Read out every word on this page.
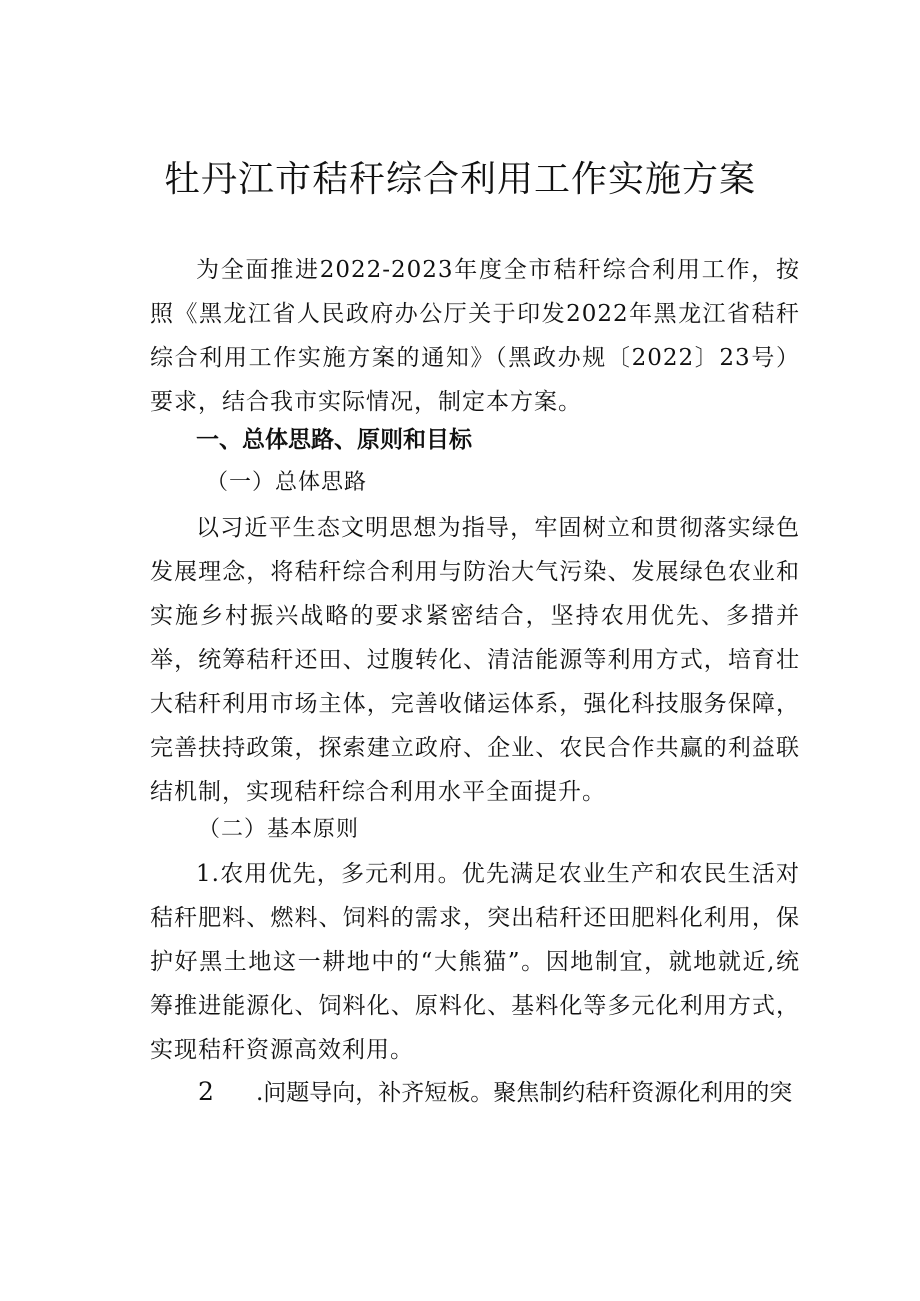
牡丹江市秸秆综合利用工作实施方案

为全面推进2022-2023年度全市秸秆综合利用工作，按照《黑龙江省人民政府办公厅关于印发2022年黑龙江省秸秆综合利用工作实施方案的通知》（黑政办规〔2022〕23号）要求，结合我市实际情况，制定本方案。

一、总体思路、原则和目标
（一）总体思路

以习近平生态文明思想为指导，牢固树立和贯彻落实绿色发展理念，将秸秆综合利用与防治大气污染、发展绿色农业和实施乡村振兴战略的要求紧密结合，坚持农用优先、多措并举，统筹秸秆还田、过腹转化、清洁能源等利用方式，培育壮大秸秆利用市场主体，完善收储运体系，强化科技服务保障，完善扶持政策，探索建立政府、企业、农民合作共赢的利益联结机制，实现秸秆综合利用水平全面提升。

（二）基本原则

1.农用优先，多元利用。优先满足农业生产和农民生活对秸秆肥料、燃料、饲料的需求，突出秸秆还田肥料化利用，保护好黑土地这一耕地中的“大熊猫”。因地制宜，就地就近,统筹推进能源化、饲料化、原料化、基料化等多元化利用方式，实现秸秆资源高效利用。

2 .问题导向，补齐短板。聚焦制约秸秆资源化利用的突
